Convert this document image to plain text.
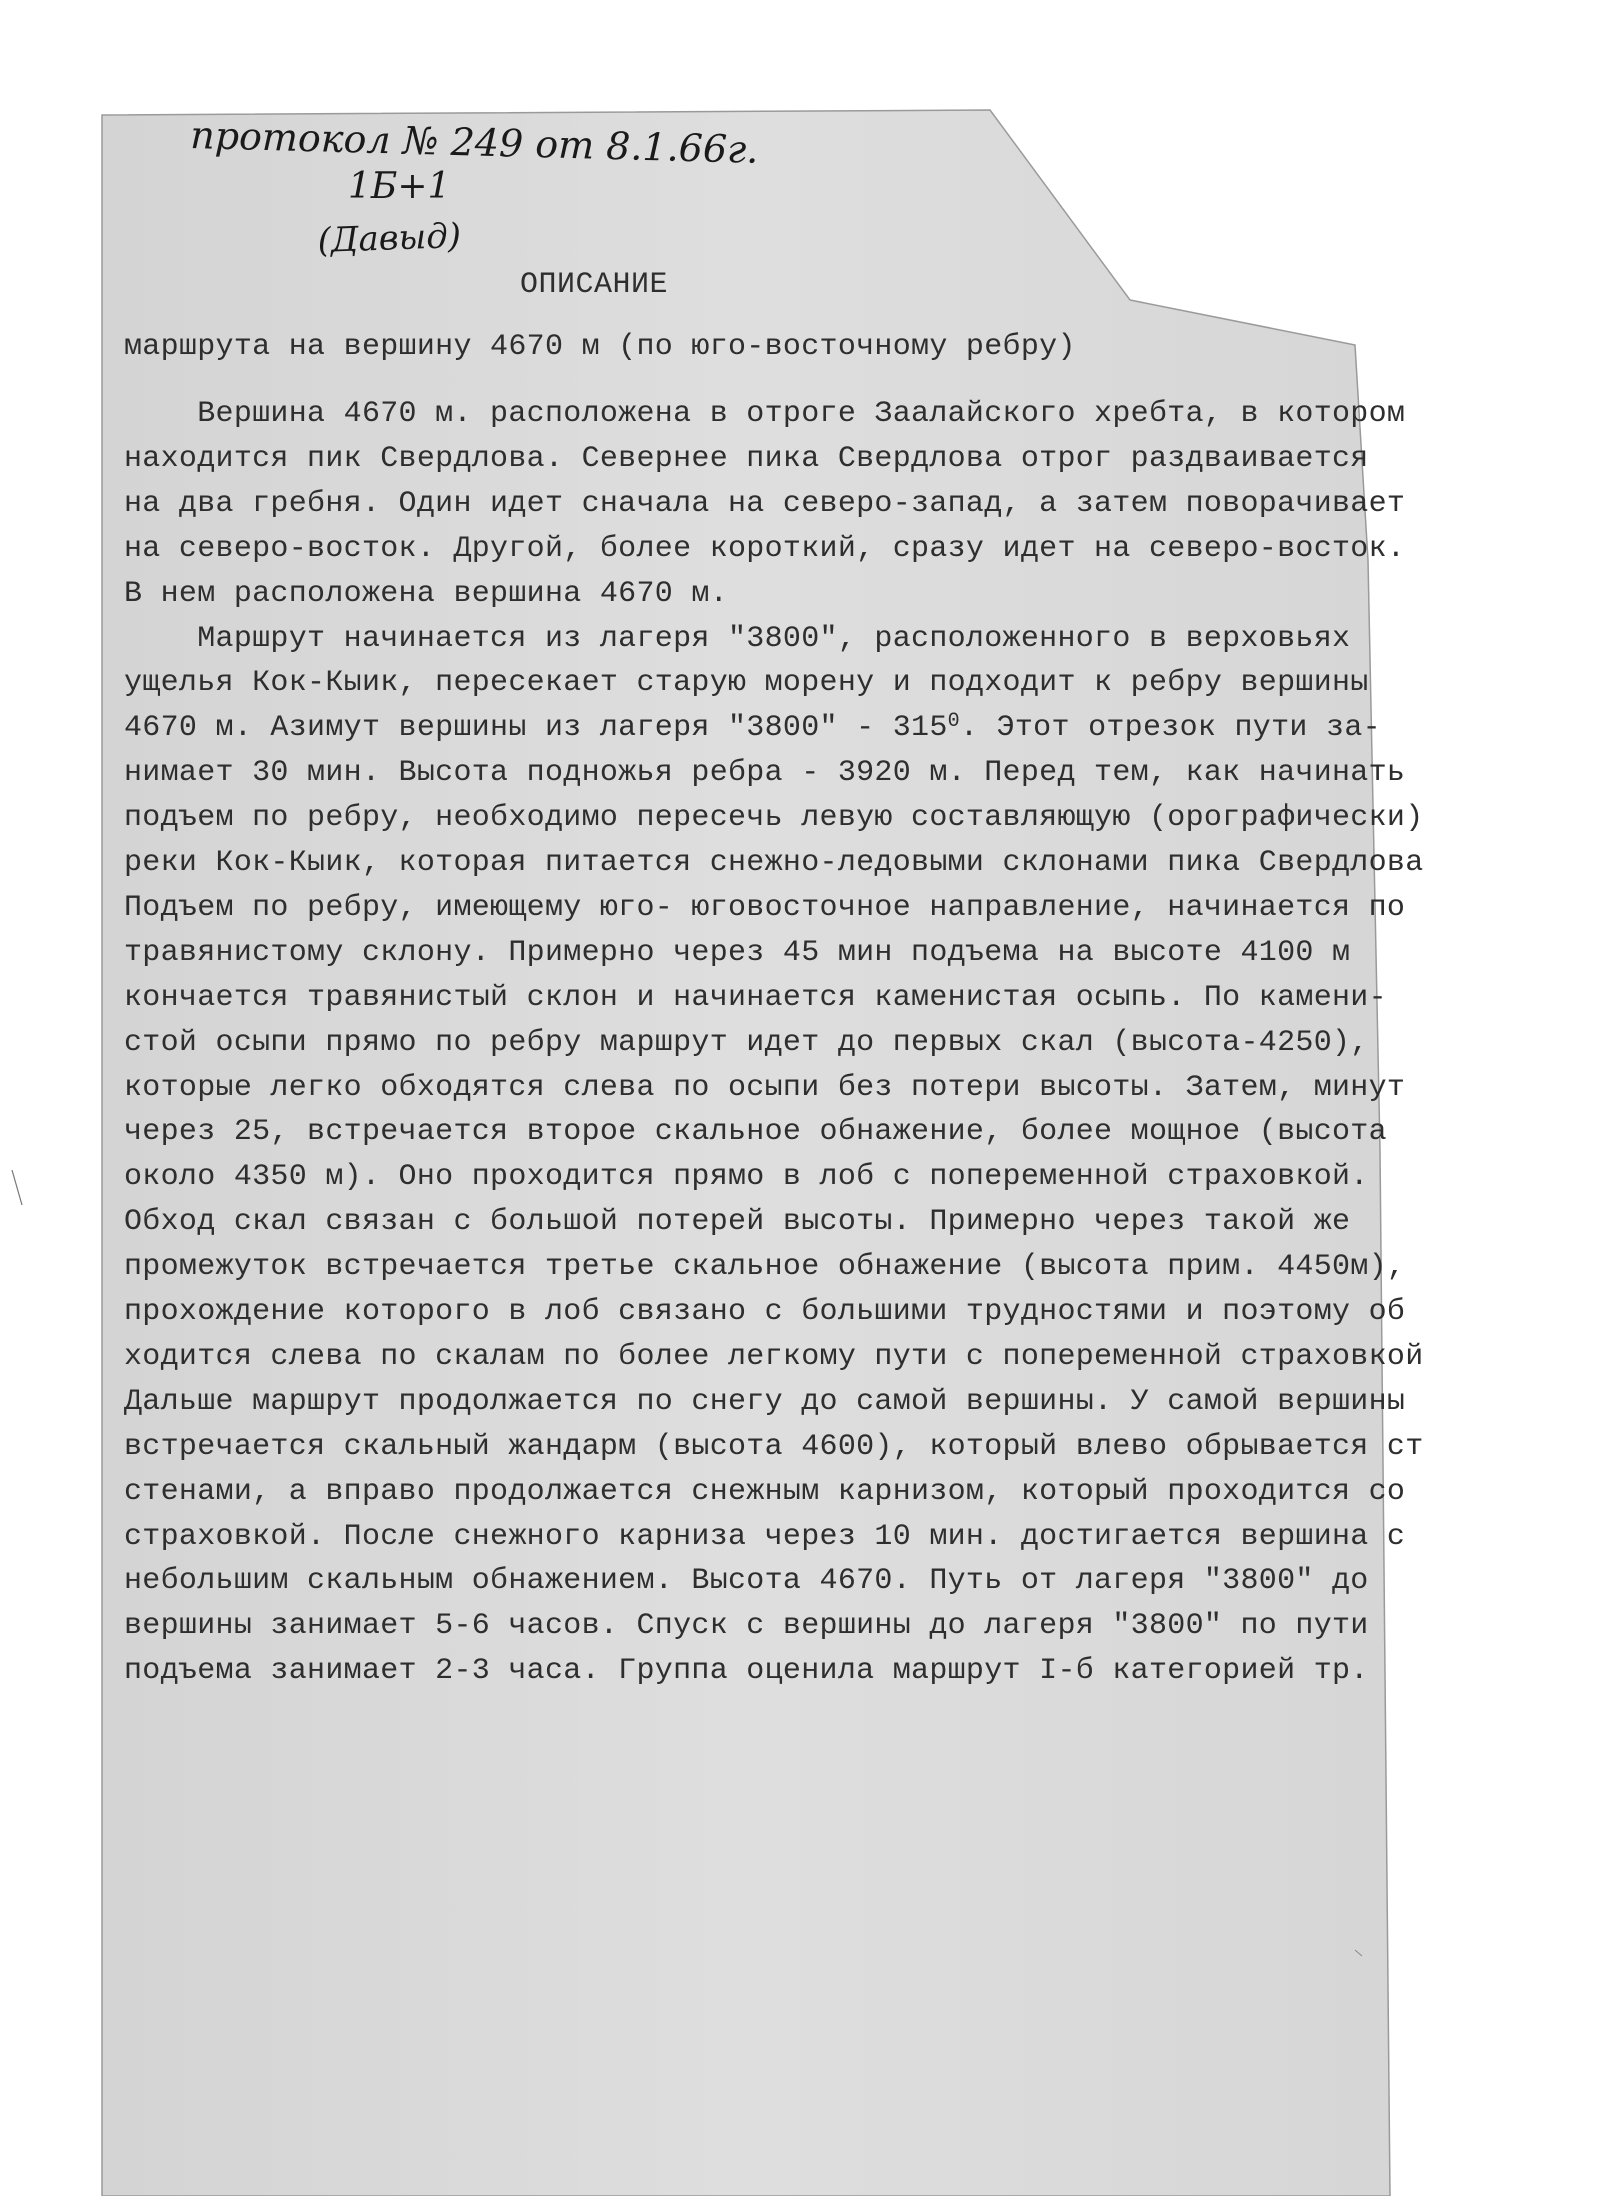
протокол № 249 от 8.1.66г.
1Б+1
(Давыд)
ОПИСАНИЕ
маршрута на вершину 4670 м (по юго-восточному ребру)
Вершина 4670 м. расположена в отроге Заалайского хребта, в котором
находится пик Свердлова. Севернее пика Свердлова отрог раздваивается
на два гребня. Один идет сначала на северо-запад, а затем поворачивает
на сeверо-восток. Другой, более короткий, сразу идет на северо-восток.
В нем расположена вершина 4670 м.
Маршрут начинается из лагеря "3800", расположенного в верховьях
ущелья Кок-Кыик, пересекает старую морену и подходит к ребру вершины
4670 м. Азимут вершины из лагеря "3800" - $315^0$. Этот отрезок пути за-
нимает 30 мин. Высота подножья ребра - 3920 м. Перед тем, как начинать
подъем по ребру, необходимо пересечь левую составляющую (орографически)
реки Кок-Кыик, которaя питается снежно-ледовыми склонами пика Свердлова
Подъем по ребру, имеющему юго- юговосточное направление, начинается по
травянистому склону. Примерно через 45 мин подъема на высоте 4100 м
кончается травянистый склон и начинается каменистая осыпь. По камени-
стой осыпи прямо по ребру маршрут идет до первых скал (высота-4250),
которые легко обходятся слева по осыпи без потери высоты. Затем, минут
через 25, встречается второе скальное обнажение, более мощное (высота
около 4350 м). Оно проходится прямо в лоб с попеременной страховкой.
Обход скал связан с большой потерей высоты. Примерно через такой же
промежуток встречается третье скальное обнажение (высота прим. 4450м),
прохождение которого в лоб связано с большими трудностями и поэтому об
ходится слева по скалам по более легкому пути с попеременной страховкой
Дальше маршрут продолжается по снегу до самой вершины. У самой вершины
встречается скальный жандарм (высота 4600), который влево обрывается ст
стенами, а вправо продолжается снежным карнизом, который проходится со
страховкой. После снежного карниза через 10 мин. достигается вершина с
небольшим скальным обнажением. Высота 4670. Путь от лагеря "3800" до
вершины занимает 5-6 часов. Спуск с вершины до лагеря "3800" по пути
подъема занимает 2-3 часа. Группа оценила маршрут I-б категорией тр.
